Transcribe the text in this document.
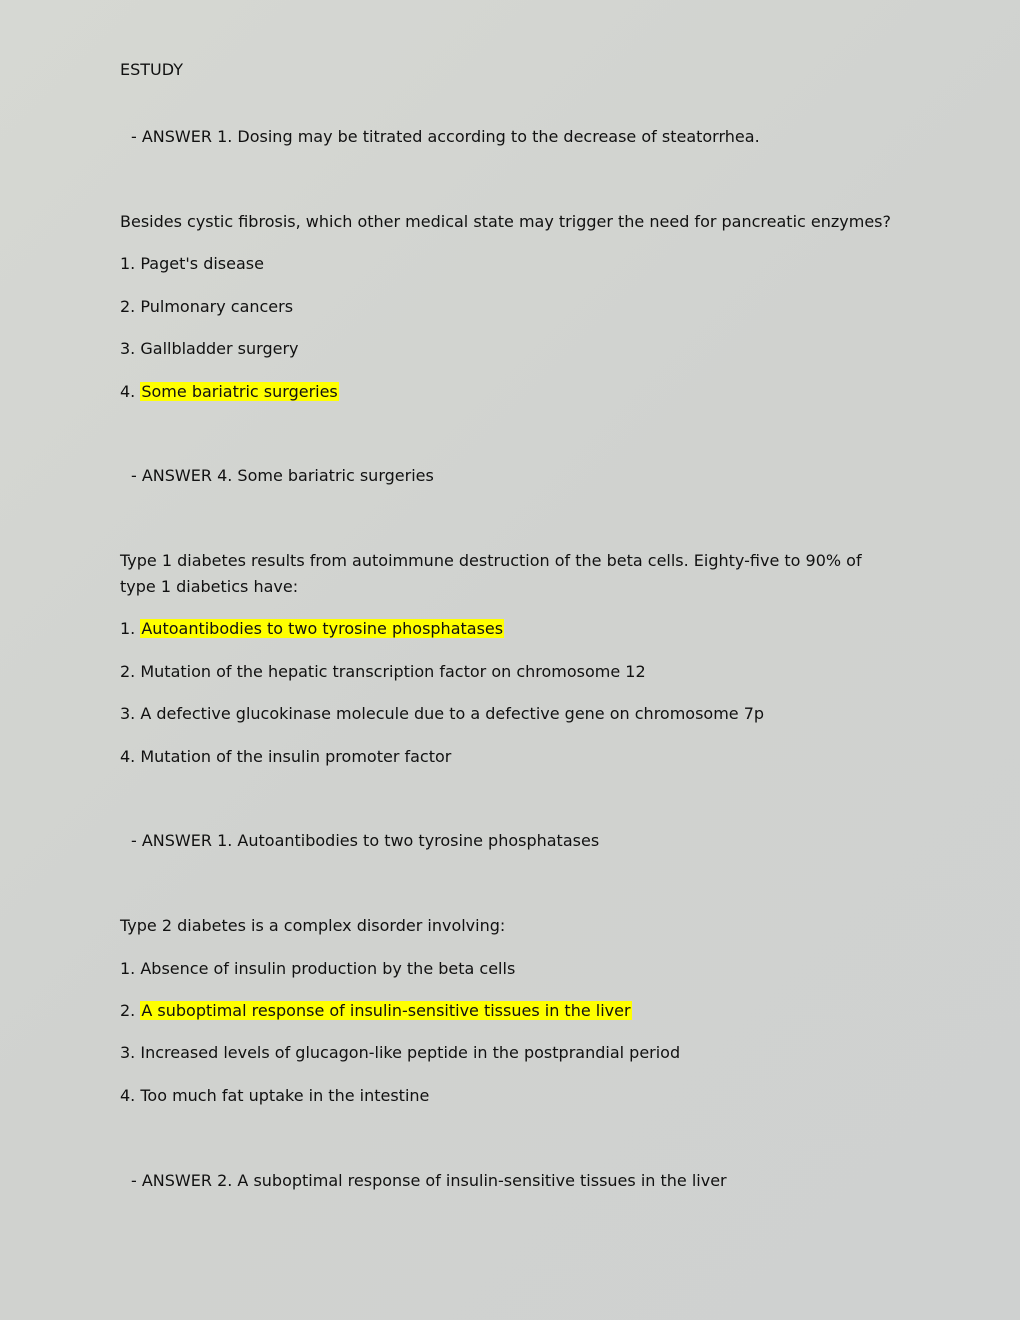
ESTUDY
- ANSWER 1. Dosing may be titrated according to the decrease of steatorrhea.
Besides cystic fibrosis, which other medical state may trigger the need for pancreatic enzymes?
1. Paget's disease
2. Pulmonary cancers
3. Gallbladder surgery
4. Some bariatric surgeries
- ANSWER 4. Some bariatric surgeries
Type 1 diabetes results from autoimmune destruction of the beta cells. Eighty-five to 90% of type 1 diabetics have:
1. Autoantibodies to two tyrosine phosphatases
2. Mutation of the hepatic transcription factor on chromosome 12
3. A defective glucokinase molecule due to a defective gene on chromosome 7p
4. Mutation of the insulin promoter factor
- ANSWER 1. Autoantibodies to two tyrosine phosphatases
Type 2 diabetes is a complex disorder involving:
1. Absence of insulin production by the beta cells
2. A suboptimal response of insulin-sensitive tissues in the liver
3. Increased levels of glucagon-like peptide in the postprandial period
4. Too much fat uptake in the intestine
- ANSWER 2. A suboptimal response of insulin-sensitive tissues in the liver
